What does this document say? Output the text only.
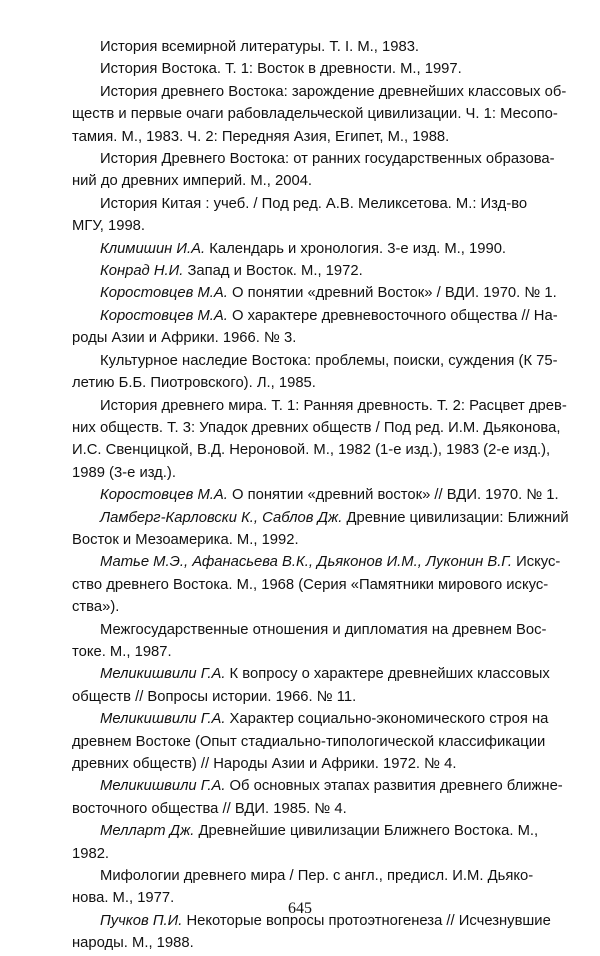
История всемирной литературы. Т. I. М., 1983.
История Востока. Т. 1: Восток в древности. М., 1997.
История древнего Востока: зарождение древнейших классовых об-
ществ и первые очаги рабовладельческой цивилизации. Ч. 1: Месопо-
тамия. М., 1983. Ч. 2: Передняя Азия, Египет, М., 1988.
История Древнего Востока: от ранних государственных образова-
ний до древних империй. М., 2004.
История Китая : учеб. / Под ред. А.В. Меликсетова. М.: Изд-во
МГУ, 1998.
Климишин И.А. Календарь и хронология. 3-е изд. М., 1990.
Конрад Н.И. Запад и Восток. М., 1972.
Коростовцев М.А. О понятии «древний Восток» / ВДИ. 1970. № 1.
Коростовцев М.А. О характере древневосточного общества // На-
роды Азии и Африки. 1966. № 3.
Культурное наследие Востока: проблемы, поиски, суждения (К 75-
летию Б.Б. Пиотровского). Л., 1985.
История древнего мира. Т. 1: Ранняя древность. Т. 2: Расцвет древ-
них обществ. Т. 3: Упадок древних обществ / Под ред. И.М. Дьяконова,
И.С. Свенцицкой, В.Д. Нероновой. М., 1982 (1-е изд.), 1983 (2-е изд.),
1989 (3-е изд.).
Коростовцев М.А. О понятии «древний восток» // ВДИ. 1970. № 1.
Ламберг-Карловски К., Саблов Дж. Древние цивилизации: Ближний
Восток и Мезоамерика. М., 1992.
Матье М.Э., Афанасьева В.К., Дьяконов И.М., Луконин В.Г. Искус-
ство древнего Востока. М., 1968 (Серия «Памятники мирового искус-
ства»).
Межгосударственные отношения и дипломатия на древнем Вос-
токе. М., 1987.
Меликишвили Г.А. К вопросу о характере древнейших классовых
обществ // Вопросы истории. 1966. № 11.
Меликишвили Г.А. Характер социально-экономического строя на
древнем Востоке (Опыт стадиально-типологической классификации
древних обществ) // Народы Азии и Африки. 1972. № 4.
Меликишвили Г.А. Об основных этапах развития древнего ближне-
восточного общества // ВДИ. 1985. № 4.
Мелларт Дж. Древнейшие цивилизации Ближнего Востока. М.,
1982.
Мифологии древнего мира / Пер. с англ., предисл. И.М. Дьяко-
нова. М., 1977.
Пучков П.И. Некоторые вопросы протоэтногенеза // Исчезнувшие
народы. М., 1988.
645
